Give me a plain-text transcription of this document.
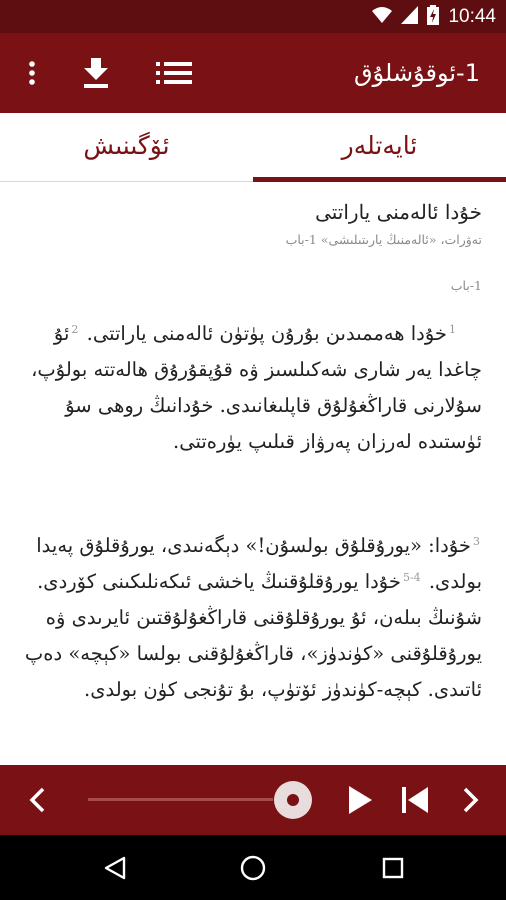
10:44
1-ئوقۇشلۇق
ئۆگىنىش	ئايەتلەر
خۇدا ئالەمنى ياراتتى
تەۋرات، «ئالەمنىڭ يارىتىلىشى» 1-باب
1-باب
$^1$خۇدا ھەممىدىن بۇرۇن پۈتۈن ئالەمنى ياراتتى. $^2$ئۇ چاغدا يەر شارى شەكىلسىز ۋە قۇپقۇرۇق ھالەتتە بولۇپ، سۇلارنى قاراڭغۇلۇق قاپلىغانىدى. خۇدانىڭ روھى سۇ ئۈستىدە لەرزان پەرۋاز قىلىپ يۈرەتتى.
$^3$خۇدا: «يورۇقلۇق بولسۇن!» دېگەنىدى، يورۇقلۇق پەيدا بولدى. $^{4-5}$خۇدا يورۇقلۇقنىڭ ياخشى ئىكەنلىكىنى كۆردى. شۇنىڭ بىلەن، ئۇ يورۇقلۇقنى قاراڭغۇلۇقتىن ئايرىدى ۋە يورۇقلۇقنى «كۈندۈز»، قاراڭغۇلۇقنى بولسا «كېچە» دەپ ئاتىدى. كېچە-كۈندۈز ئۆتۈپ، بۇ تۇنجى كۈن بولدى.
